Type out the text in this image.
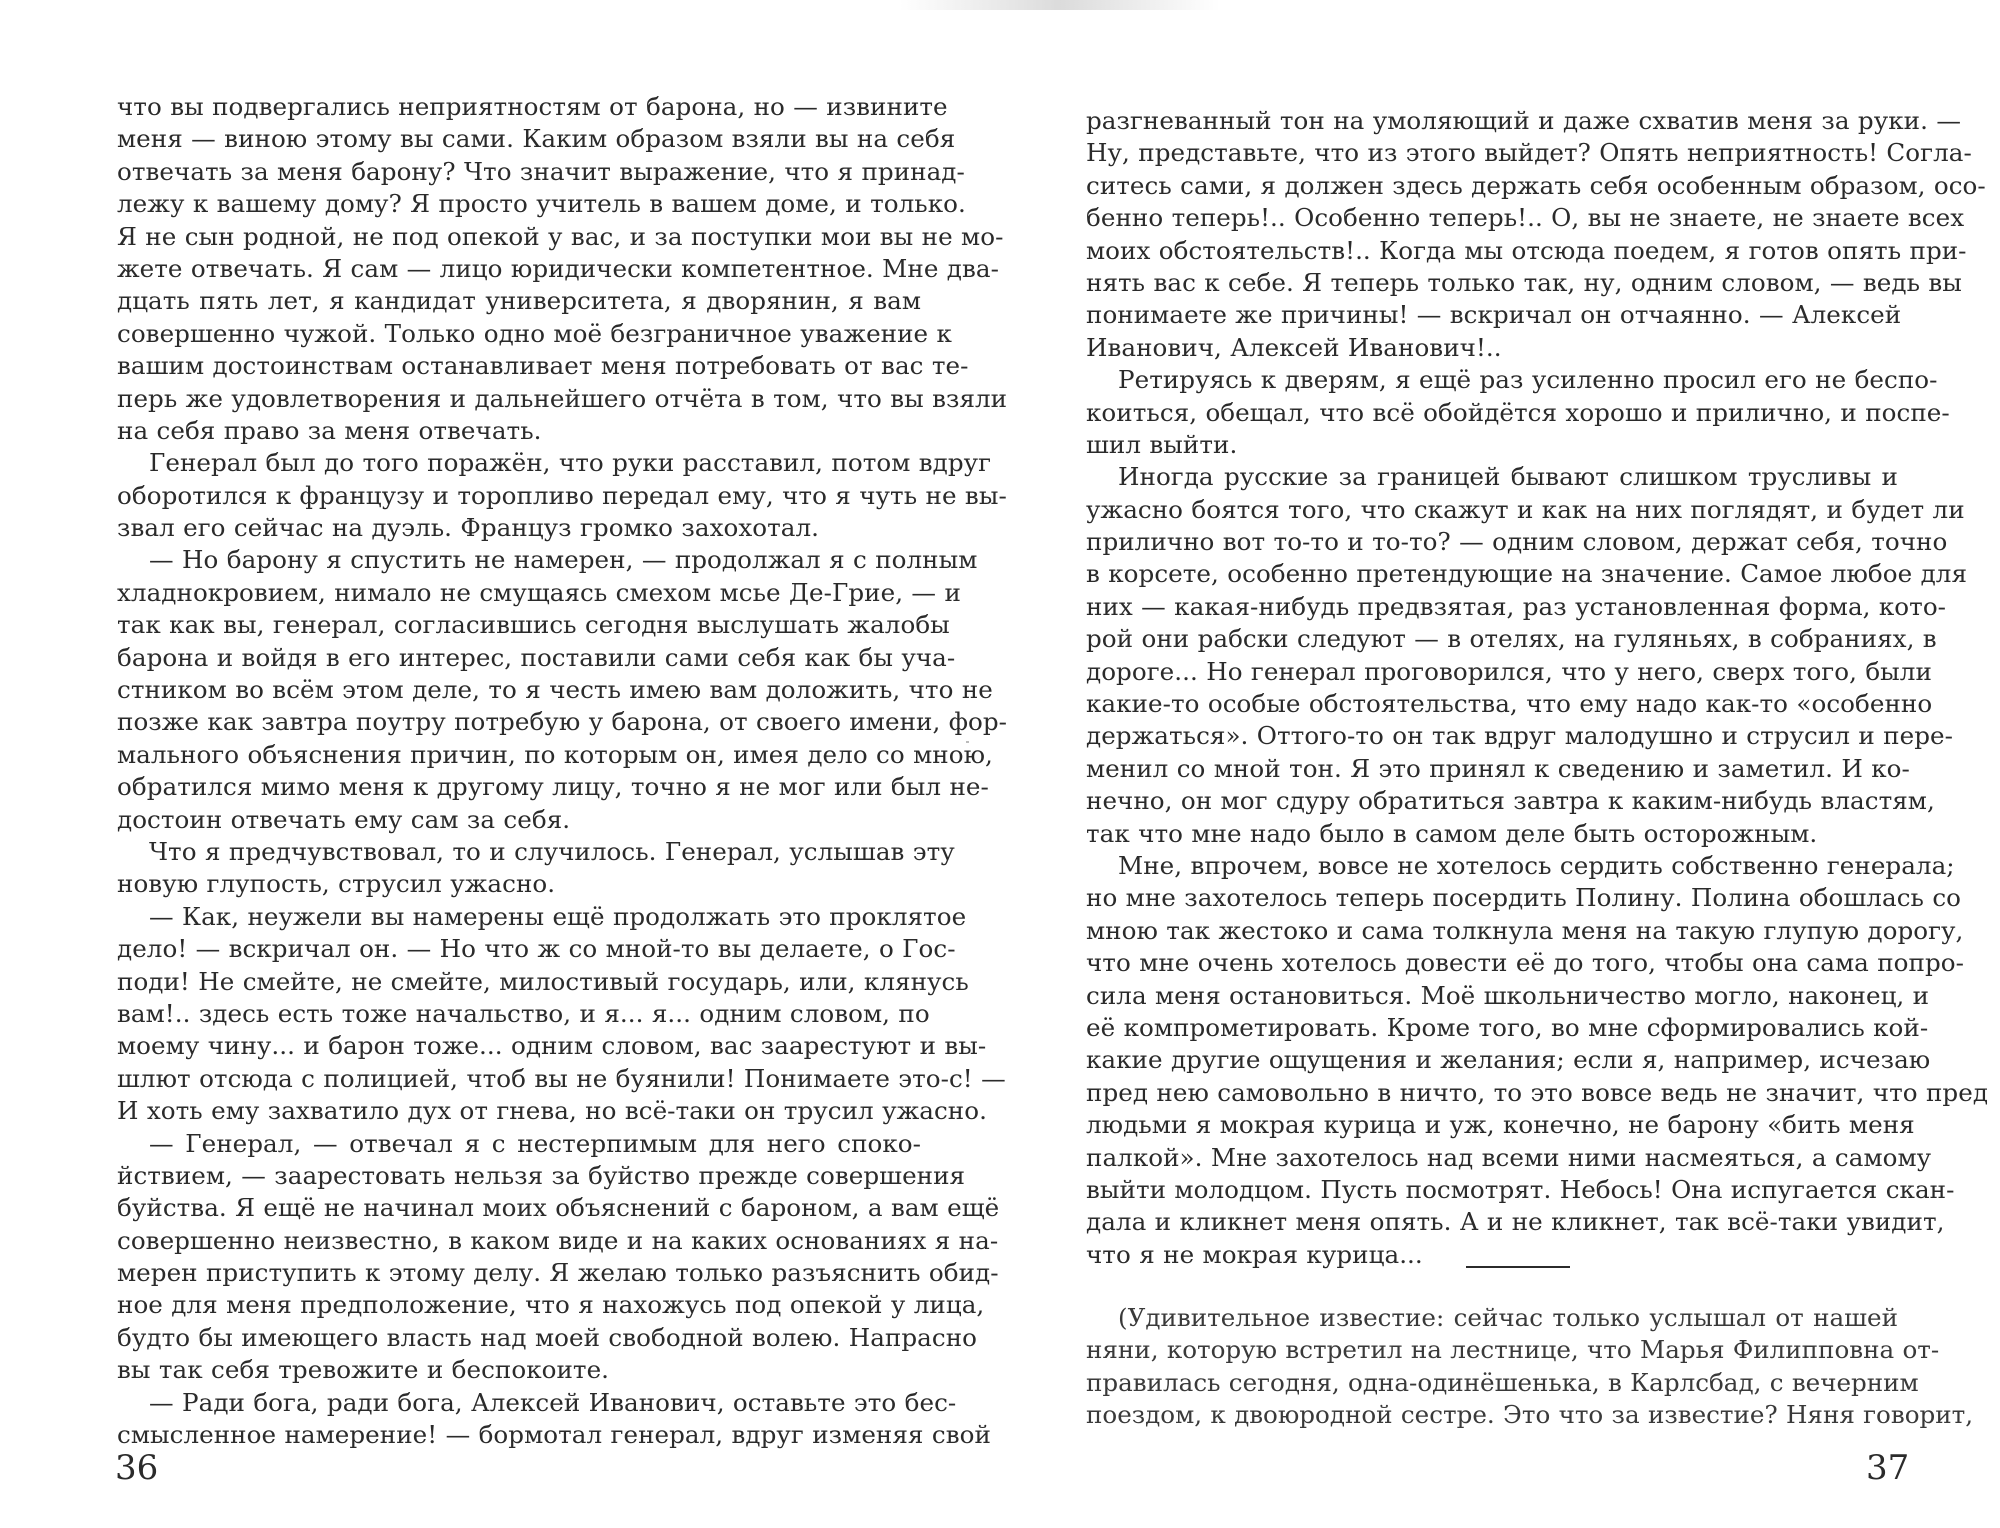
что вы подвергались неприятностям от барона, но — извините
меня — виною этому вы сами. Каким образом взяли вы на себя
отвечать за меня барону? Что значит выражение, что я принад-
лежу к вашему дому? Я просто учитель в вашем доме, и только.
Я не сын родной, не под опекой у вас, и за поступки мои вы не мо-
жете отвечать. Я сам — лицо юридически компетентное. Мне два-
дцать пять лет, я кандидат университета, я дворянин, я вам
совершенно чужой. Только одно моё безграничное уважение к
вашим достоинствам останавливает меня потребовать от вас те-
перь же удовлетворения и дальнейшего отчёта в том, что вы взяли
на себя право за меня отвечать.
Генерал был до того поражён, что руки расставил, потом вдруг
оборотился к французу и торопливо передал ему, что я чуть не вы-
звал его сейчас на дуэль. Француз громко захохотал.
— Но барону я спустить не намерен, — продолжал я с полным
хладнокровием, нимало не смущаясь смехом мсье Де-Грие, — и
так как вы, генерал, согласившись сегодня выслушать жалобы
барона и войдя в его интерес, поставили сами себя как бы уча-
стником во всём этом деле, то я честь имею вам доложить, что не
позже как завтра поутру потребую у барона, от своего имени, фор-
мального объяснения причин, по которым он, имея дело со мною,
обратился мимо меня к другому лицу, точно я не мог или был не-
достоин отвечать ему сам за себя.
Что я предчувствовал, то и случилось. Генерал, услышав эту
новую глупость, струсил ужасно.
— Как, неужели вы намерены ещё продолжать это проклятое
дело! — вскричал он. — Но что ж со мной-то вы делаете, о Гос-
поди! Не смейте, не смейте, милостивый государь, или, клянусь
вам!.. здесь есть тоже начальство, и я... я... одним словом, по
моему чину... и барон тоже... одним словом, вас заарестуют и вы-
шлют отсюда с полицией, чтоб вы не буянили! Понимаете это-с! —
И хоть ему захватило дух от гнева, но всё-таки он трусил ужасно.
— Генерал, — отвечал я с нестерпимым для него споко-
йствием, — заарестовать нельзя за буйство прежде совершения
буйства. Я ещё не начинал моих объяснений с бароном, а вам ещё
совершенно неизвестно, в каком виде и на каких основаниях я на-
мерен приступить к этому делу. Я желаю только разъяснить обид-
ное для меня предположение, что я нахожусь под опекой у лица,
будто бы имеющего власть над моей свободной волею. Напрасно
вы так себя тревожите и беспокоите.
— Ради бога, ради бога, Алексей Иванович, оставьте это бес-
смысленное намерение! — бормотал генерал, вдруг изменяя свой
36
разгневанный тон на умоляющий и даже схватив меня за руки. —
Ну, представьте, что из этого выйдет? Опять неприятность! Согла-
ситесь сами, я должен здесь держать себя особенным образом, осо-
бенно теперь!.. Особенно теперь!.. О, вы не знаете, не знаете всех
моих обстоятельств!.. Когда мы отсюда поедем, я готов опять при-
нять вас к себе. Я теперь только так, ну, одним словом, — ведь вы
понимаете же причины! — вскричал он отчаянно. — Алексей
Иванович, Алексей Иванович!..
Ретируясь к дверям, я ещё раз усиленно просил его не беспо-
коиться, обещал, что всё обойдётся хорошо и прилично, и поспе-
шил выйти.
Иногда русские за границей бывают слишком трусливы и
ужасно боятся того, что скажут и как на них поглядят, и будет ли
прилично вот то-то и то-то? — одним словом, держат себя, точно
в корсете, особенно претендующие на значение. Самое любое для
них — какая-нибудь предвзятая, раз установленная форма, кото-
рой они рабски следуют — в отелях, на гуляньях, в собраниях, в
дороге... Но генерал проговорился, что у него, сверх того, были
какие-то особые обстоятельства, что ему надо как-то «особенно
держаться». Оттого-то он так вдруг малодушно и струсил и пере-
менил со мной тон. Я это принял к сведению и заметил. И ко-
нечно, он мог сдуру обратиться завтра к каким-нибудь властям,
так что мне надо было в самом деле быть осторожным.
Мне, впрочем, вовсе не хотелось сердить собственно генерала;
но мне захотелось теперь посердить Полину. Полина обошлась со
мною так жестоко и сама толкнула меня на такую глупую дорогу,
что мне очень хотелось довести её до того, чтобы она сама попро-
сила меня остановиться. Моё школьничество могло, наконец, и
её компрометировать. Кроме того, во мне сформировались кой-
какие другие ощущения и желания; если я, например, исчезаю
пред нею самовольно в ничто, то это вовсе ведь не значит, что пред
людьми я мокрая курица и уж, конечно, не барону «бить меня
палкой». Мне захотелось над всеми ними насмеяться, а самому
выйти молодцом. Пусть посмотрят. Небось! Она испугается скан-
дала и кликнет меня опять. А и не кликнет, так всё-таки увидит,
что я не мокрая курица...
(Удивительное известие: сейчас только услышал от нашей
няни, которую встретил на лестнице, что Марья Филипповна от-
правилась сегодня, одна-одинёшенька, в Карлсбад, с вечерним
поездом, к двоюродной сестре. Это что за известие? Няня говорит,
37
